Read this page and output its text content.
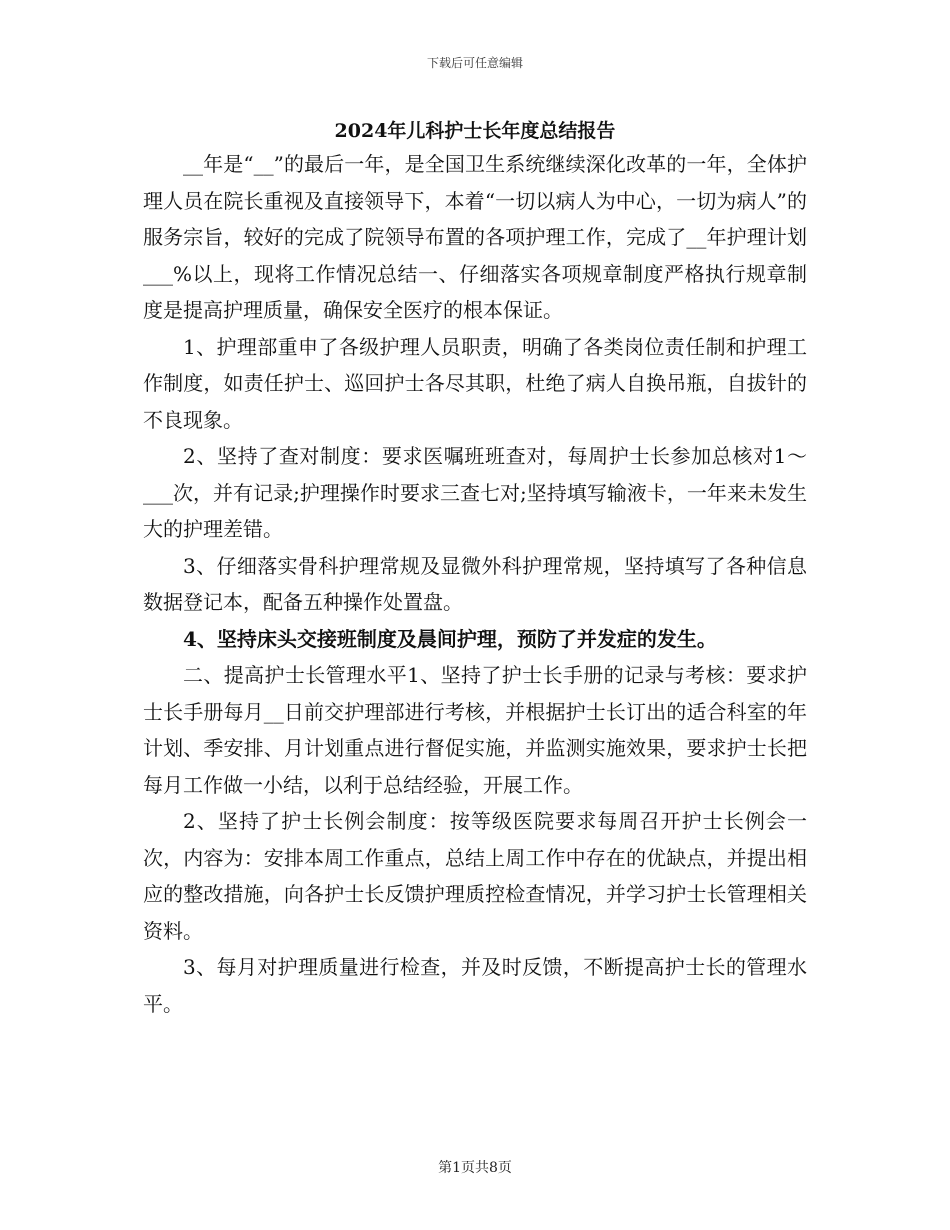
下载后可任意编辑
2024年儿科护士长年度总结报告

__年是“__”的最后一年，是全国卫生系统继续深化改革的一年，全体护理人员在院长重视及直接领导下，本着“一切以病人为中心，一切为病人”的服务宗旨，较好的完成了院领导布置的各项护理工作，完成了__年护理计划___%以上，现将工作情况总结一、仔细落实各项规章制度严格执行规章制度是提高护理质量，确保安全医疗的根本保证。

1、护理部重申了各级护理人员职责，明确了各类岗位责任制和护理工作制度，如责任护士、巡回护士各尽其职，杜绝了病人自换吊瓶，自拔针的不良现象。

2、坚持了查对制度：要求医嘱班班查对，每周护士长参加总核对1～___次，并有记录;护理操作时要求三查七对;坚持填写输液卡，一年来未发生大的护理差错。

3、仔细落实骨科护理常规及显微外科护理常规，坚持填写了各种信息数据登记本，配备五种操作处置盘。

4、坚持床头交接班制度及晨间护理，预防了并发症的发生。

二、提高护士长管理水平1、坚持了护士长手册的记录与考核：要求护士长手册每月__日前交护理部进行考核，并根据护士长订出的适合科室的年计划、季安排、月计划重点进行督促实施，并监测实施效果，要求护士长把每月工作做一小结，以利于总结经验，开展工作。

2、坚持了护士长例会制度：按等级医院要求每周召开护士长例会一次，内容为：安排本周工作重点，总结上周工作中存在的优缺点，并提出相应的整改措施，向各护士长反馈护理质控检查情况，并学习护士长管理相关资料。

3、每月对护理质量进行检查，并及时反馈，不断提高护士长的管理水平。

第1页共8页
